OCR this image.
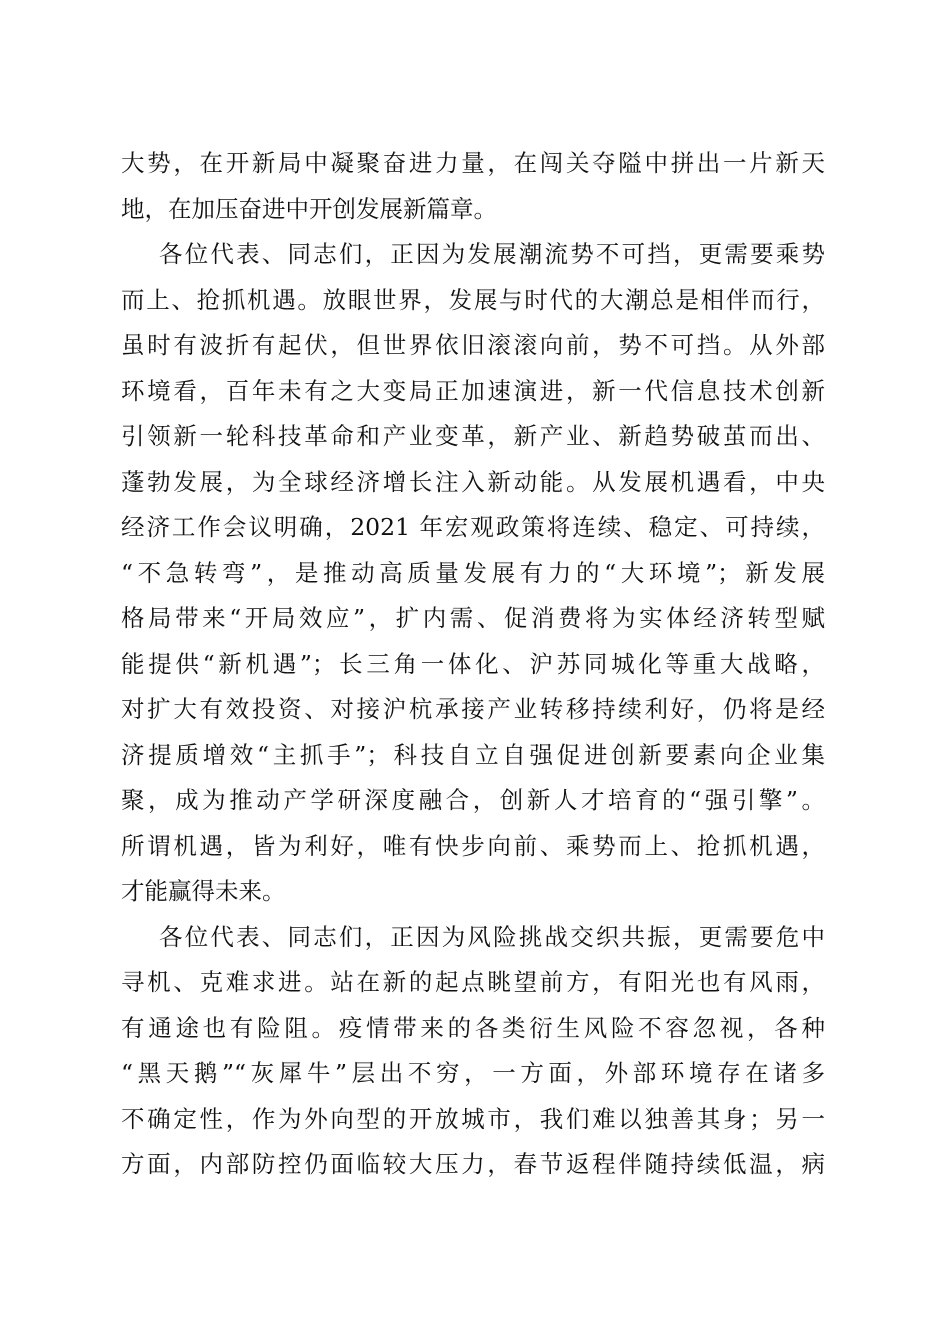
大势，在开新局中凝聚奋进力量，在闯关夺隘中拼出一片新天
地，在加压奋进中开创发展新篇章。
各位代表、同志们，正因为发展潮流势不可挡，更需要乘势
而上、抢抓机遇。放眼世界，发展与时代的大潮总是相伴而行，
虽时有波折有起伏，但世界依旧滚滚向前，势不可挡。从外部
环境看，百年未有之大变局正加速演进，新一代信息技术创新
引领新一轮科技革命和产业变革，新产业、新趋势破茧而出、
蓬勃发展，为全球经济增长注入新动能。从发展机遇看，中央
经济工作会议明确，2021 年宏观政策将连续、稳定、可持续，
“不急转弯”，是推动高质量发展有力的“大环境”；新发展
格局带来“开局效应”，扩内需、促消费将为实体经济转型赋
能提供“新机遇”；长三角一体化、沪苏同城化等重大战略，
对扩大有效投资、对接沪杭承接产业转移持续利好，仍将是经
济提质增效“主抓手”；科技自立自强促进创新要素向企业集
聚，成为推动产学研深度融合，创新人才培育的“强引擎”。
所谓机遇，皆为利好，唯有快步向前、乘势而上、抢抓机遇，
才能赢得未来。
各位代表、同志们，正因为风险挑战交织共振，更需要危中
寻机、克难求进。站在新的起点眺望前方，有阳光也有风雨，
有通途也有险阻。疫情带来的各类衍生风险不容忽视，各种
“黑天鹅”“灰犀牛”层出不穷，一方面，外部环境存在诸多
不确定性，作为外向型的开放城市，我们难以独善其身；另一
方面，内部防控仍面临较大压力，春节返程伴随持续低温，病
